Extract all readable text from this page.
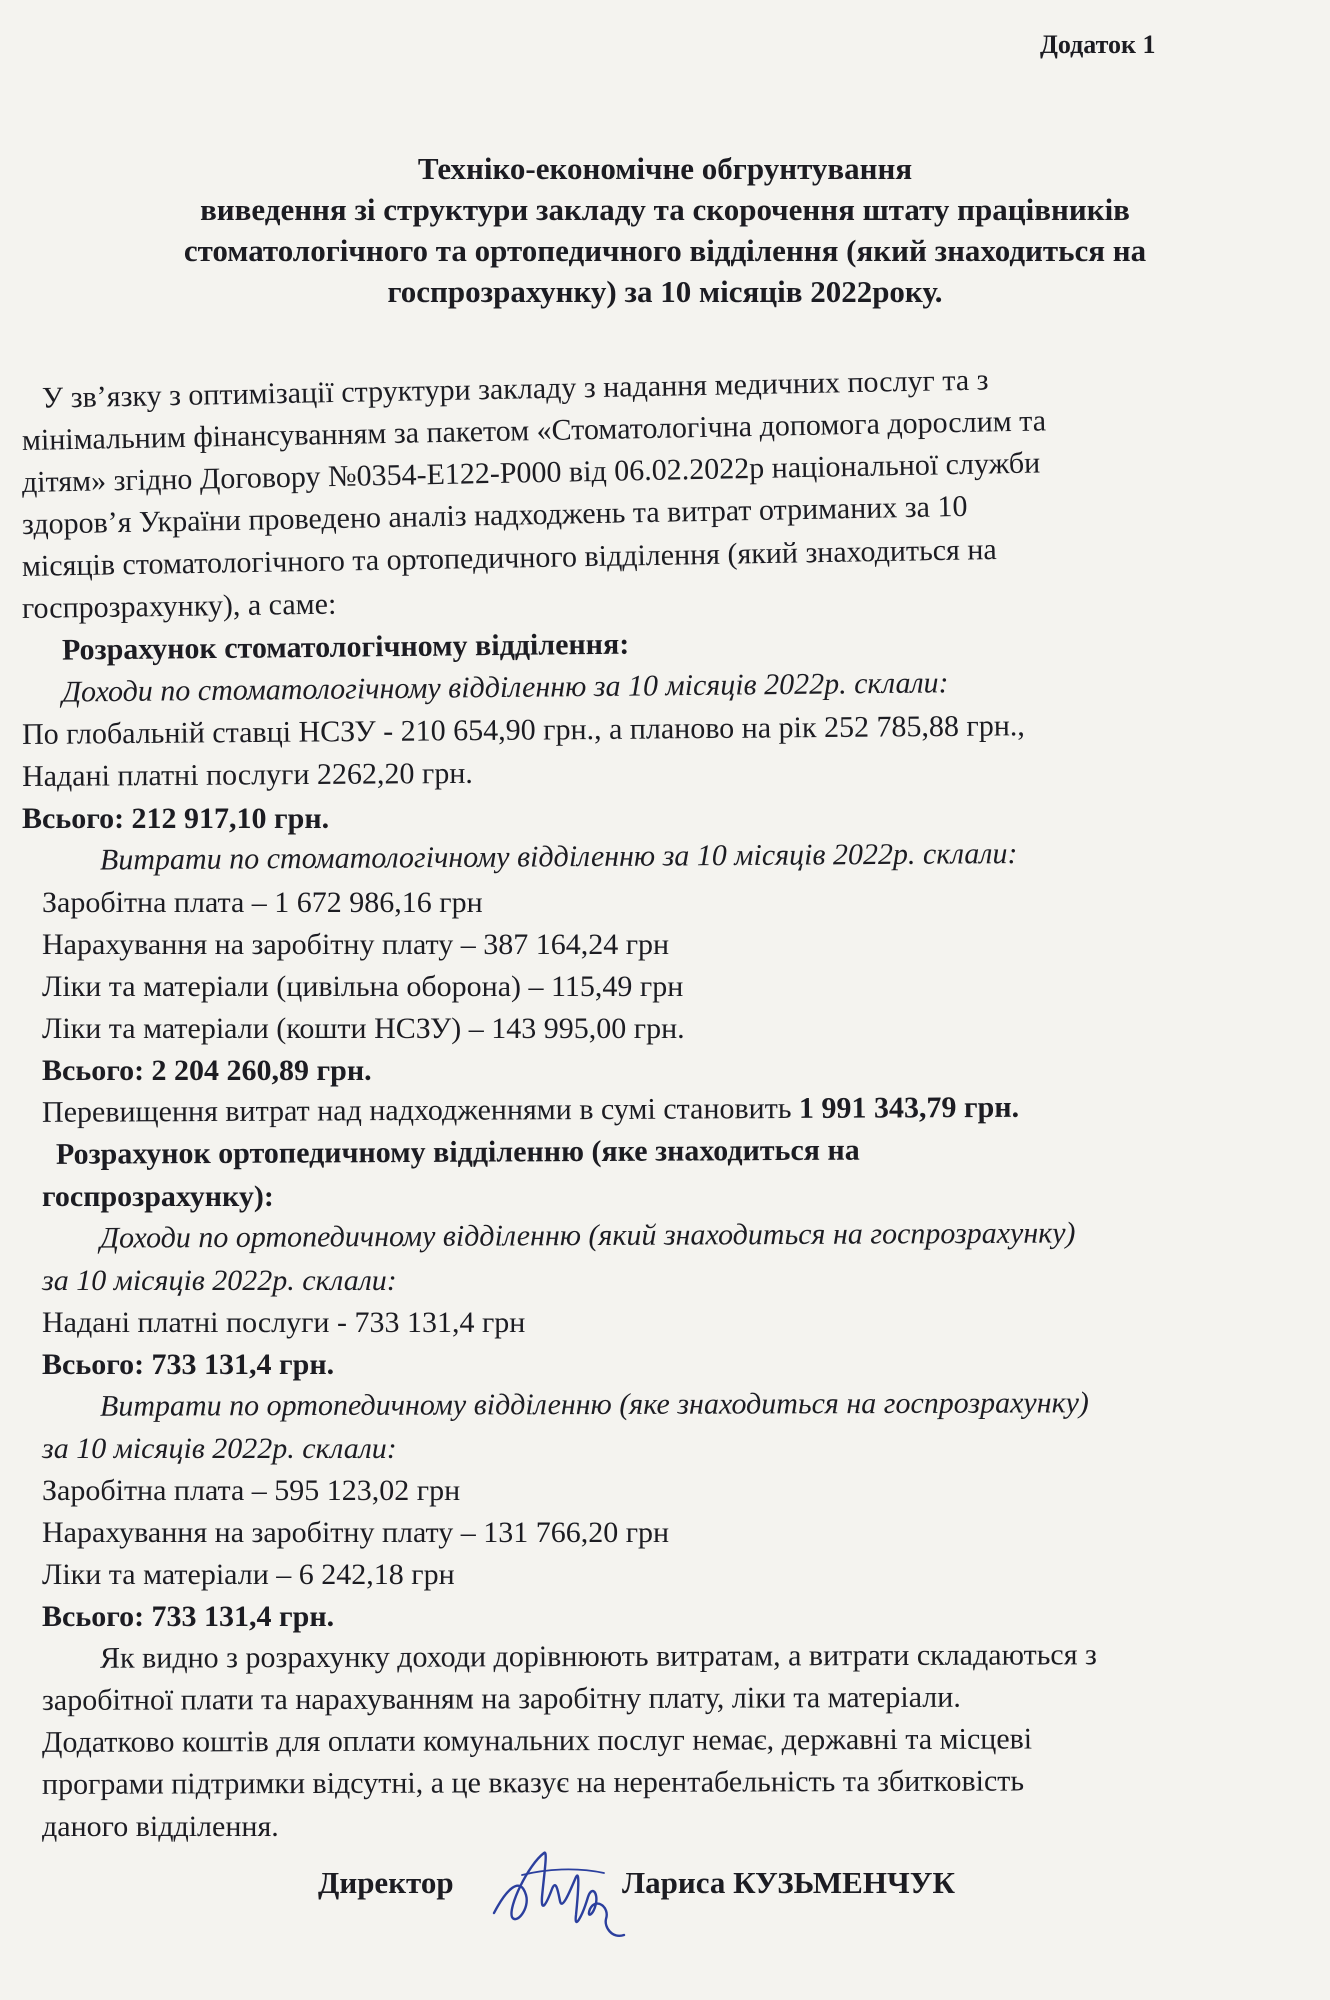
Додаток 1
Техніко-економічне обгрунтування
виведення зі структури закладу та скорочення штату працівників
стоматологічного та ортопедичного відділення (який знаходиться на
госпрозрахунку) за 10 місяців 2022року.
У зв’язку з оптимізації структури закладу з надання медичних послуг та з
мінімальним фінансуванням за пакетом «Стоматологічна допомога дорослим та
дітям» згідно Договору №0354-Е122-Р000 від 06.02.2022р національної служби
здоров’я України проведено аналіз надходжень та витрат отриманих за 10
місяців стоматологічного та ортопедичного відділення (який знаходиться на
госпрозрахунку), а саме:
Розрахунок стоматологічному відділення:
Доходи по стоматологічному відділенню за 10 місяців 2022р. склали:
По глобальній ставці НСЗУ - 210 654,90 грн., а планово на рік 252 785,88 грн.,
Надані платні послуги 2262,20 грн.
Всього: 212 917,10 грн.
Витрати по стоматологічному відділенню за 10 місяців 2022р. склали:
Заробітна плата – 1 672 986,16 грн
Нарахування на заробітну плату – 387 164,24 грн
Ліки та матеріали (цивільна оборона) – 115,49 грн
Ліки та матеріали (кошти НСЗУ) – 143 995,00 грн.
Всього: 2 204 260,89 грн.
Перевищення витрат над надходженнями в сумі становить 1 991 343,79 грн.
Розрахунок ортопедичному відділенню (яке знаходиться на
госпрозрахунку):
Доходи по ортопедичному відділенню (який знаходиться на госпрозрахунку)
за 10 місяців 2022р. склали:
Надані платні послуги - 733 131,4 грн
Всього: 733 131,4 грн.
Витрати по ортопедичному відділенню (яке знаходиться на госпрозрахунку)
за 10 місяців 2022р. склали:
Заробітна плата – 595 123,02 грн
Нарахування на заробітну плату – 131 766,20 грн
Ліки та матеріали – 6 242,18 грн
Всього: 733 131,4 грн.
Як видно з розрахунку доходи дорівнюють витратам, а витрати складаються з
заробітної плати та нарахуванням на заробітну плату, ліки та матеріали.
Додатково коштів для оплати комунальних послуг немає, державні та місцеві
програми підтримки відсутні, а це вказує на нерентабельність та збитковість
даного відділення.
Директор	Лариса КУЗЬМЕНЧУК
